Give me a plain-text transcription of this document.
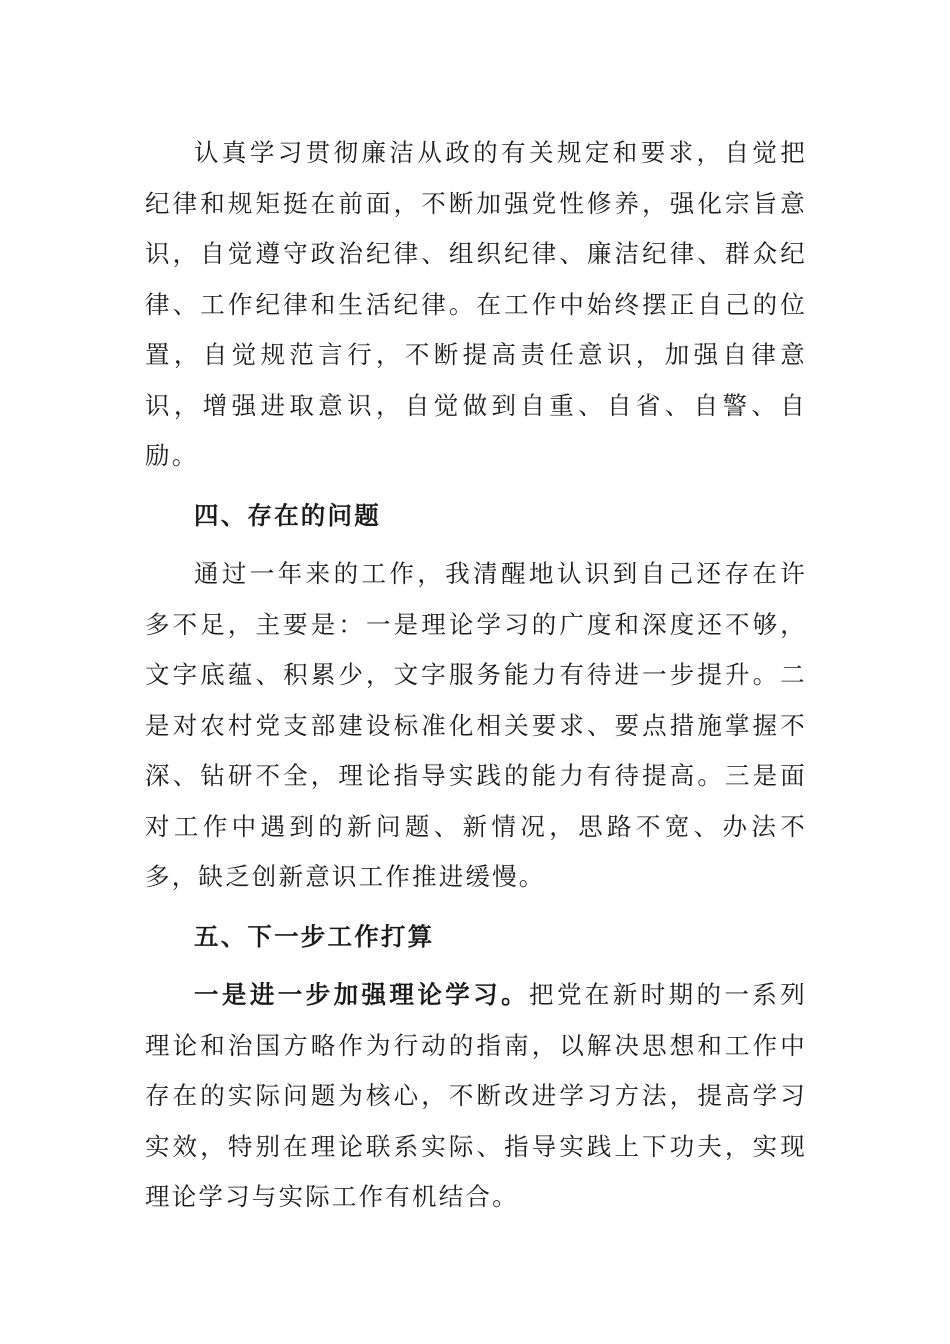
认真学习贯彻廉洁从政的有关规定和要求，自觉把纪律和规矩挺在前面，不断加强党性修养，强化宗旨意识，自觉遵守政治纪律、组织纪律、廉洁纪律、群众纪律、工作纪律和生活纪律。在工作中始终摆正自己的位置，自觉规范言行，不断提高责任意识，加强自律意识，增强进取意识，自觉做到自重、自省、自警、自励。

四、存在的问题

通过一年来的工作，我清醒地认识到自己还存在许多不足，主要是：一是理论学习的广度和深度还不够，文字底蕴、积累少，文字服务能力有待进一步提升。二是对农村党支部建设标准化相关要求、要点措施掌握不深、钻研不全，理论指导实践的能力有待提高。三是面对工作中遇到的新问题、新情况，思路不宽、办法不多，缺乏创新意识工作推进缓慢。

五、下一步工作打算

一是进一步加强理论学习。把党在新时期的一系列理论和治国方略作为行动的指南，以解决思想和工作中存在的实际问题为核心，不断改进学习方法，提高学习实效，特别在理论联系实际、指导实践上下功夫，实现理论学习与实际工作有机结合。
